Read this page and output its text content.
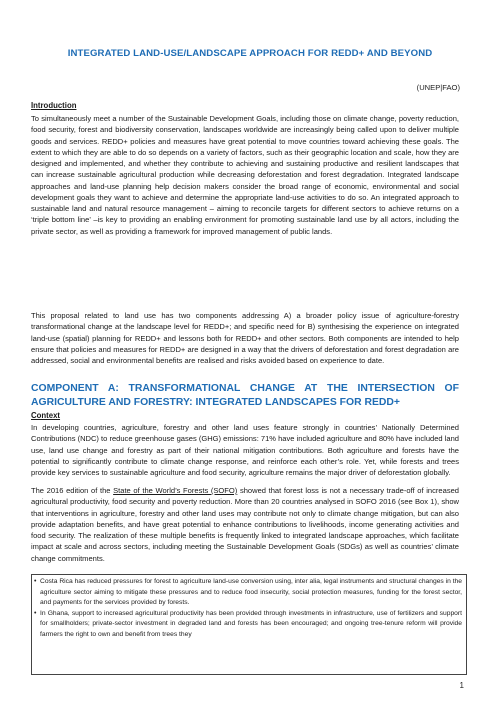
INTEGRATED LAND-USE/LANDSCAPE APPROACH FOR REDD+ AND BEYOND
(UNEP|FAO)
Introduction

To simultaneously meet a number of the Sustainable Development Goals, including those on climate change, poverty reduction, food security, forest and biodiversity conservation, landscapes worldwide are increasingly being called upon to deliver multiple goods and services. REDD+ policies and measures have great potential to move countries toward achieving these goals. The extent to which they are able to do so depends on a variety of factors, such as their geographic location and scale, how they are designed and implemented, and whether they contribute to achieving and sustaining productive and resilient landscapes that can increase sustainable agricultural production while decreasing deforestation and forest degradation. Integrated landscape approaches and land-use planning help decision makers consider the broad range of economic, environmental and social development goals they want to achieve and determine the appropriate land-use activities to do so. An integrated approach to sustainable land and natural resource management – aiming to reconcile targets for different sectors to achieve returns on a ‘triple bottom line’ –is key to providing an enabling environment for promoting sustainable land use by all actors, including the private sector, as well as providing a framework for improved management of public lands.

This proposal related to land use has two components addressing A) a broader policy issue of agriculture-forestry transformational change at the landscape level for REDD+; and specific need for B) synthesising the experience on integrated land-use (spatial) planning for REDD+ and lessons both for REDD+ and other sectors. Both components are intended to help ensure that policies and measures for REDD+ are designed in a way that the drivers of deforestation and forest degradation are addressed, social and environmental benefits are realised and risks avoided based on experience to date.

COMPONENT A: TRANSFORMATIONAL CHANGE AT THE INTERSECTION OF AGRICULTURE AND FORESTRY: INTEGRATED LANDSCAPES FOR REDD+
Context

In developing countries, agriculture, forestry and other land uses feature strongly in countries’ Nationally Determined Contributions (NDC) to reduce greenhouse gases (GHG) emissions: 71% have included agriculture and 80% have included land use, land use change and forestry as part of their national mitigation contributions. Both agriculture and forests have the potential to significantly contribute to climate change response, and reinforce each other’s role. Yet, while forests and trees provide key services to sustainable agriculture and food security, agriculture remains the major driver of deforestation globally.

The 2016 edition of the State of the World’s Forests (SOFO) showed that forest loss is not a necessary trade-off of increased agricultural productivity, food security and poverty reduction. More than 20 countries analysed in SOFO 2016 (see Box 1), show that interventions in agriculture, forestry and other land uses may contribute not only to climate change mitigation, but can also provide adaptation benefits, and have great potential to enhance contributions to livelihoods, income generating activities and food security. The realization of these multiple benefits is frequently linked to integrated landscape approaches, which facilitate impact at scale and across sectors, including meeting the Sustainable Development Goals (SDGs) as well as countries’ climate change commitments.

• Costa Rica has reduced pressures for forest to agriculture land-use conversion using, inter alia, legal instruments and structural changes in the agriculture sector aiming to mitigate these pressures and to reduce food insecurity, social protection measures, funding for the forest sector, and payments for the services provided by forests.

• In Ghana, support to increased agricultural productivity has been provided through investments in infrastructure, use of fertilizers and support for smallholders; private-sector investment in degraded land and forests has been encouraged; and ongoing tree-tenure reform will provide farmers the right to own and benefit from trees they

1
